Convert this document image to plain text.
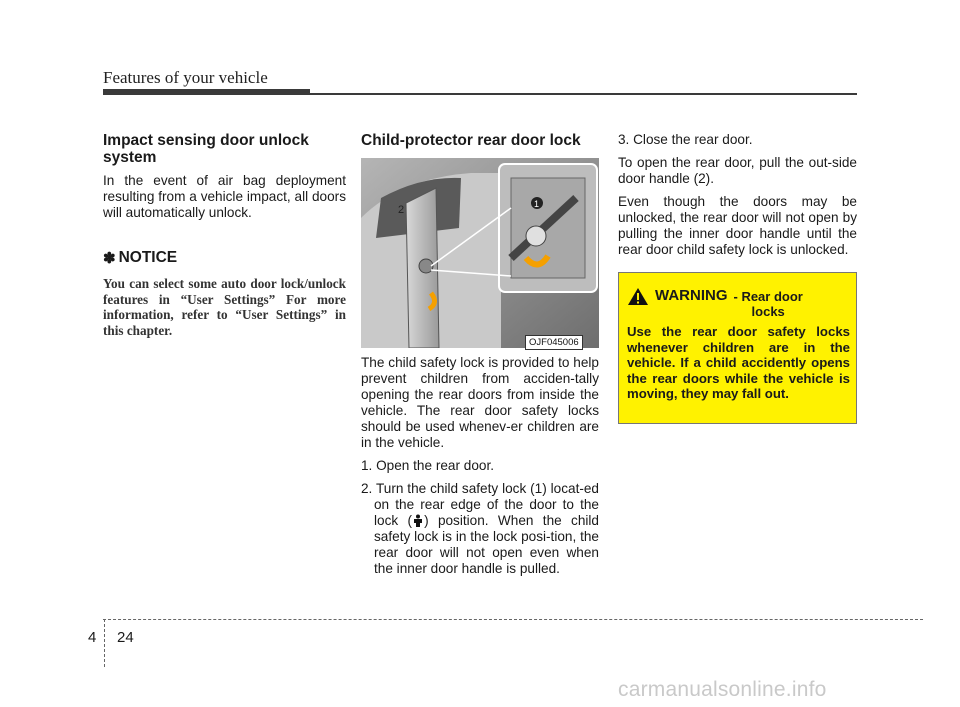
Features of your vehicle
Impact sensing door unlock system

In the event of air bag deployment resulting from a vehicle impact, all doors will automatically unlock.

✽ NOTICE
You can select some auto door lock/unlock features in “User Settings” For more information, refer to “User Settings” in this chapter.
Child-protector rear door lock
1
2
OJF045006

The child safety lock is provided to help prevent children from acciden-tally opening the rear doors from inside the vehicle. The rear door safety locks should be used whenev-er children are in the vehicle.

1. Open the rear door.
2. Turn the child safety lock (1) locat-ed on the rear edge of the door to the lock ( ) position. When the child safety lock is in the lock posi-tion, the rear door will not open even when the inner door handle is pulled.
3. Close the rear door.

To open the rear door, pull the out-side door handle (2).

Even though the doors may be unlocked, the rear door will not open by pulling the inner door handle until the rear door child safety lock is unlocked.

WARNING - Rear door
locks
Use the rear door safety locks whenever children are in the vehicle. If a child accidently opens the rear doors while the vehicle is moving, they may fall out.
4 24
carmanualsonline.info
